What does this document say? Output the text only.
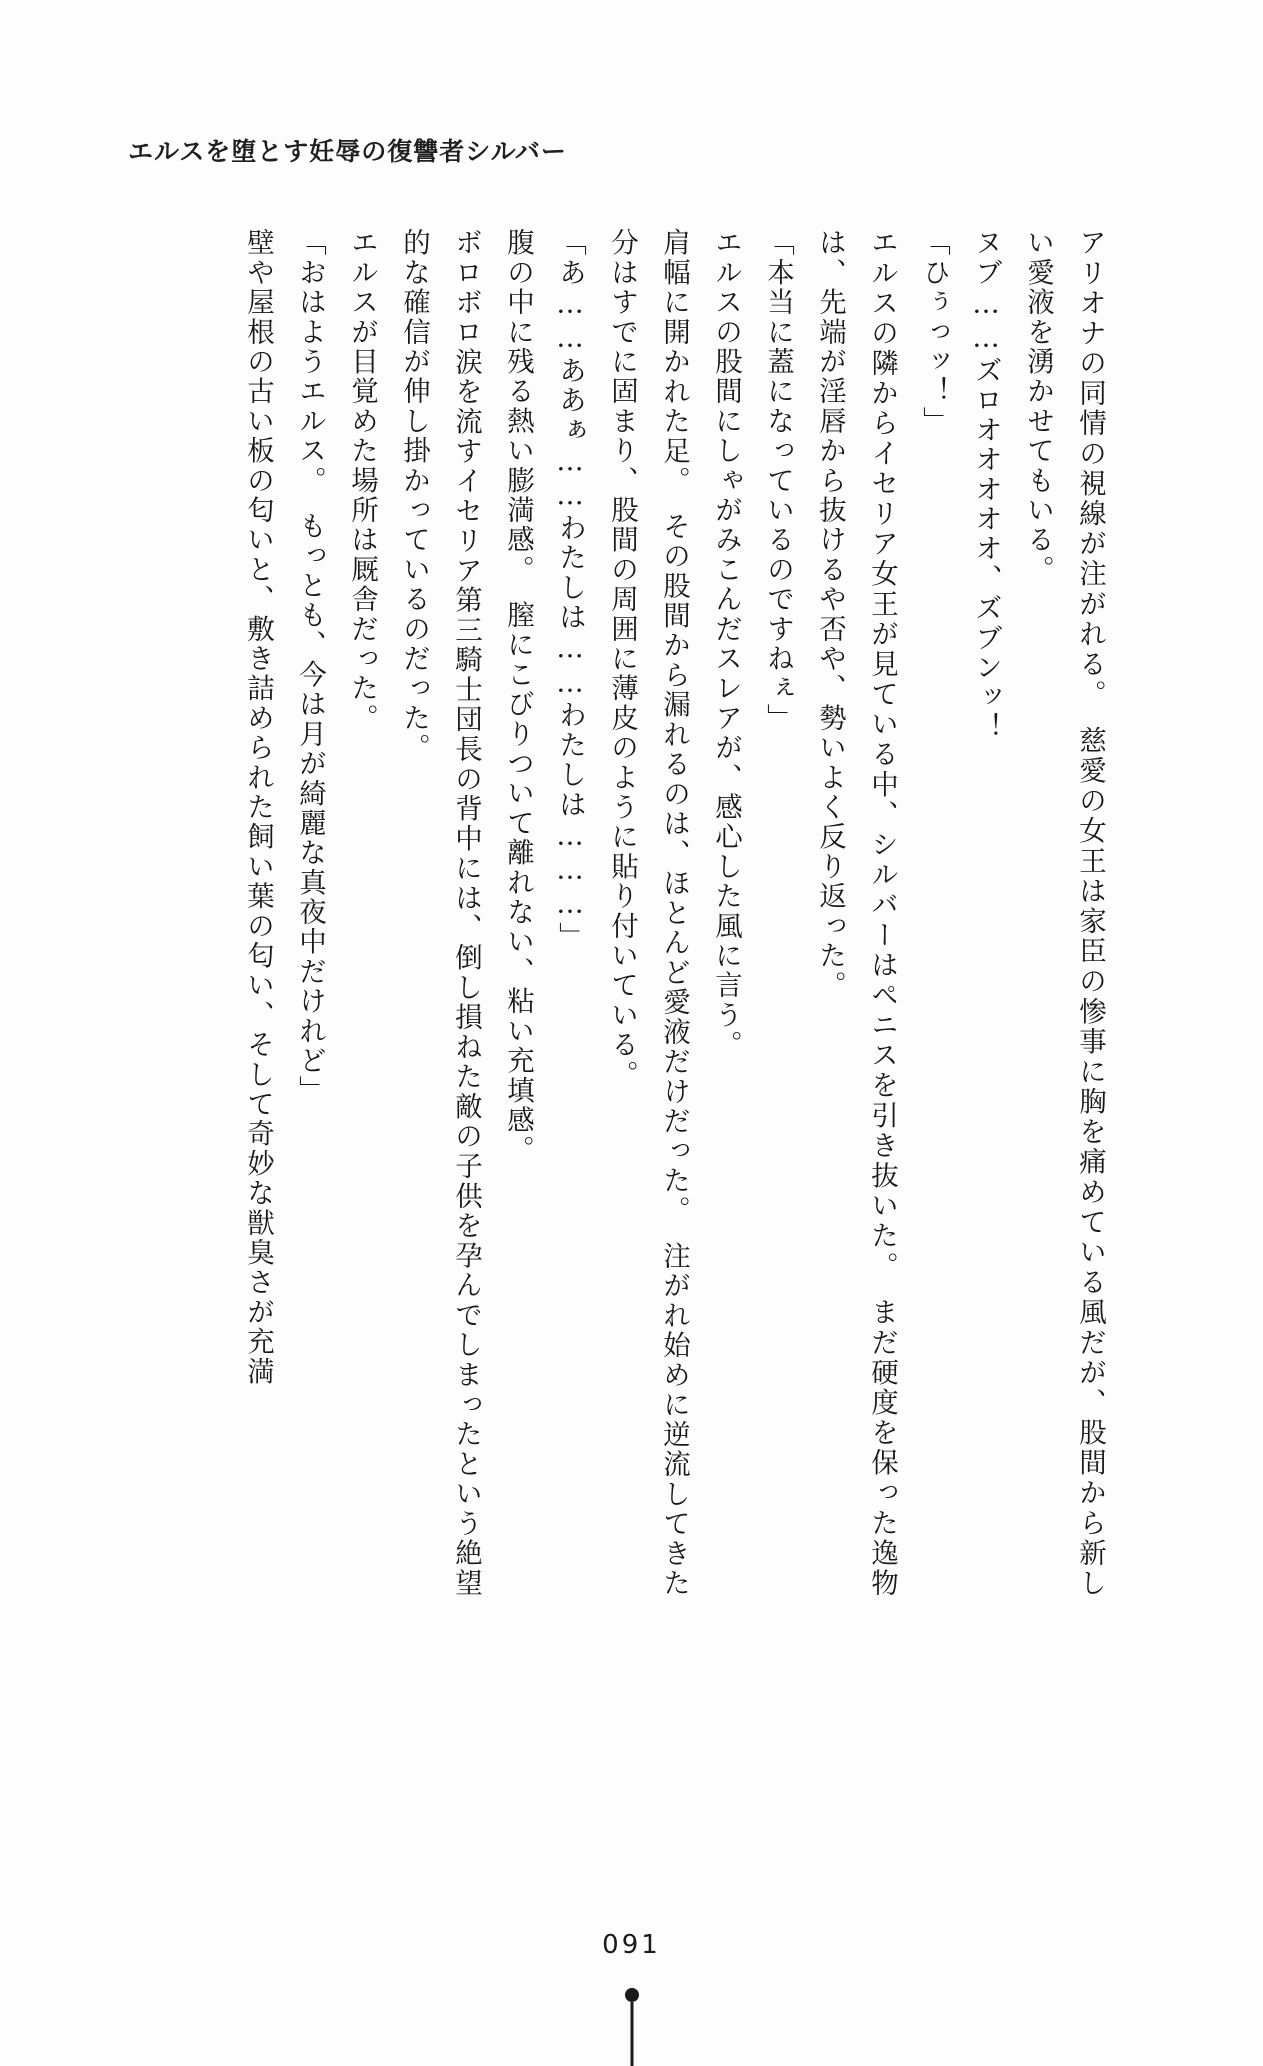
エルスを堕とす妊辱の復讐者シルバー

アリオナの同情の視線が注がれる。　慈愛の女王は家臣の惨事に胸を痛めている風だが、股間から新しい愛液を湧かせてもいる。

ヌブ……ズロオオオオオ、ズブンッ！

「ひぅっッ！」

エルスの隣からイセリア女王が見ている中、シルバーはペニスを引き抜いた。　まだ硬度を保った逸物は、先端が淫唇から抜けるや否や、勢いよく反り返った。

「本当に蓋になっているのですねぇ」

エルスの股間にしゃがみこんだスレアが、感心した風に言う。

肩幅に開かれた足。　その股間から漏れるのは、ほとんど愛液だけだった。　注がれ始めに逆流してきた分はすでに固まり、股間の周囲に薄皮のように貼り付いている。

「あ……ああぁ……わたしは……わたしは………」

腹の中に残る熱い膨満感。　膣にこびりついて離れない、粘い充填感。

ボロボロ涙を流すイセリア第三騎士団長の背中には、倒し損ねた敵の子供を孕んでしまったという絶望的な確信が伸し掛かっているのだった。

エルスが目覚めた場所は厩舎だった。

「おはようエルス。　もっとも、今は月が綺麗な真夜中だけれど」

壁や屋根の古い板の匂いと、敷き詰められた飼い葉の匂い、そして奇妙な獣臭さが充満

091
